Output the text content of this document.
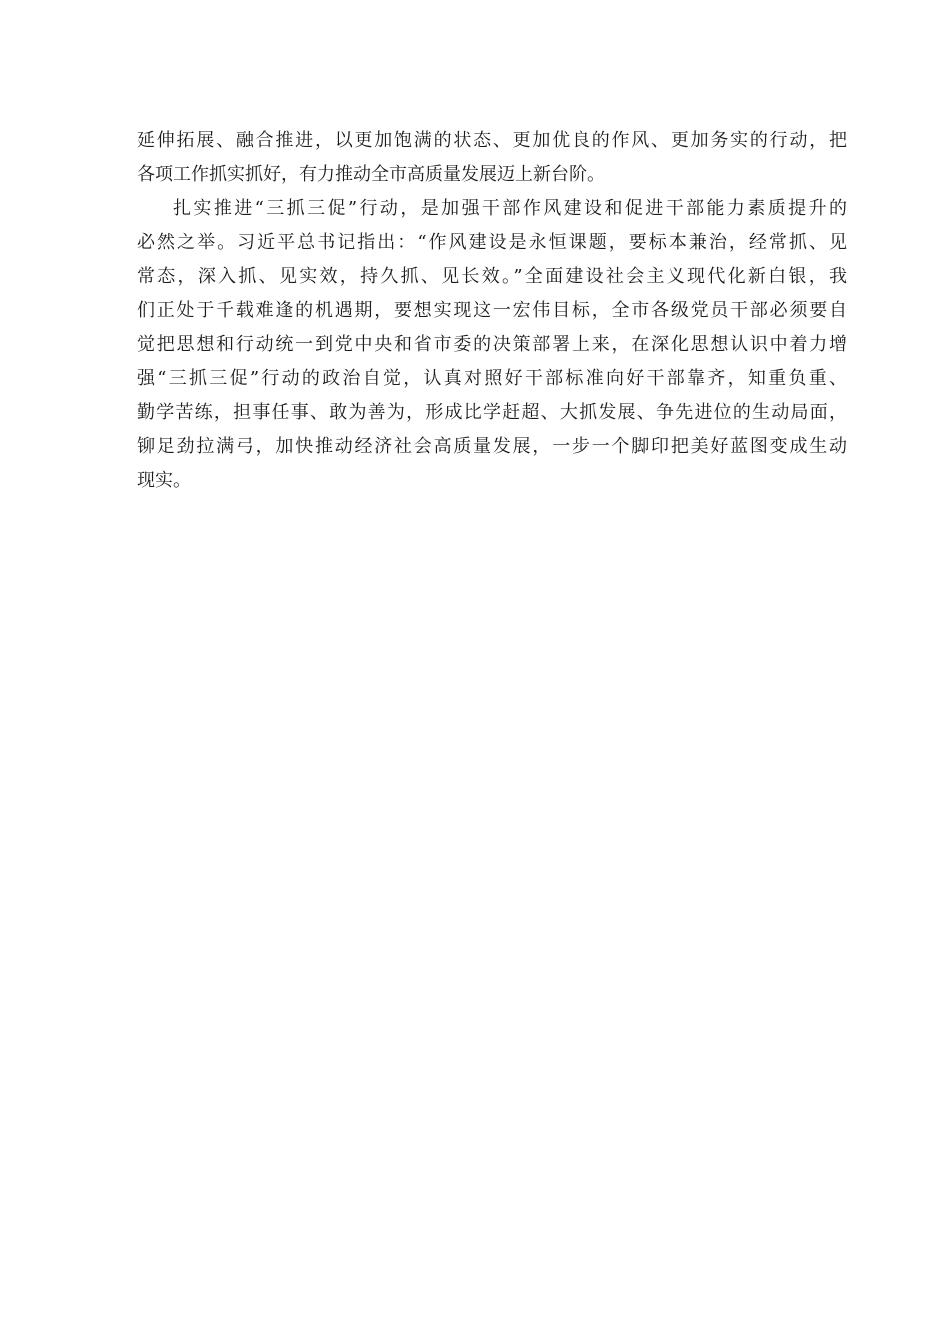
延伸拓展、融合推进，以更加饱满的状态、更加优良的作风、更加务实的行动，把
各项工作抓实抓好，有力推动全市高质量发展迈上新台阶。
扎实推进“三抓三促”行动，是加强干部作风建设和促进干部能力素质提升的
必然之举。习近平总书记指出：“作风建设是永恒课题，要标本兼治，经常抓、见
常态，深入抓、见实效，持久抓、见长效。”全面建设社会主义现代化新白银，我
们正处于千载难逢的机遇期，要想实现这一宏伟目标，全市各级党员干部必须要自
觉把思想和行动统一到党中央和省市委的决策部署上来，在深化思想认识中着力增
强“三抓三促”行动的政治自觉，认真对照好干部标准向好干部靠齐，知重负重、
勤学苦练，担事任事、敢为善为，形成比学赶超、大抓发展、争先进位的生动局面，
铆足劲拉满弓，加快推动经济社会高质量发展，一步一个脚印把美好蓝图变成生动
现实。
